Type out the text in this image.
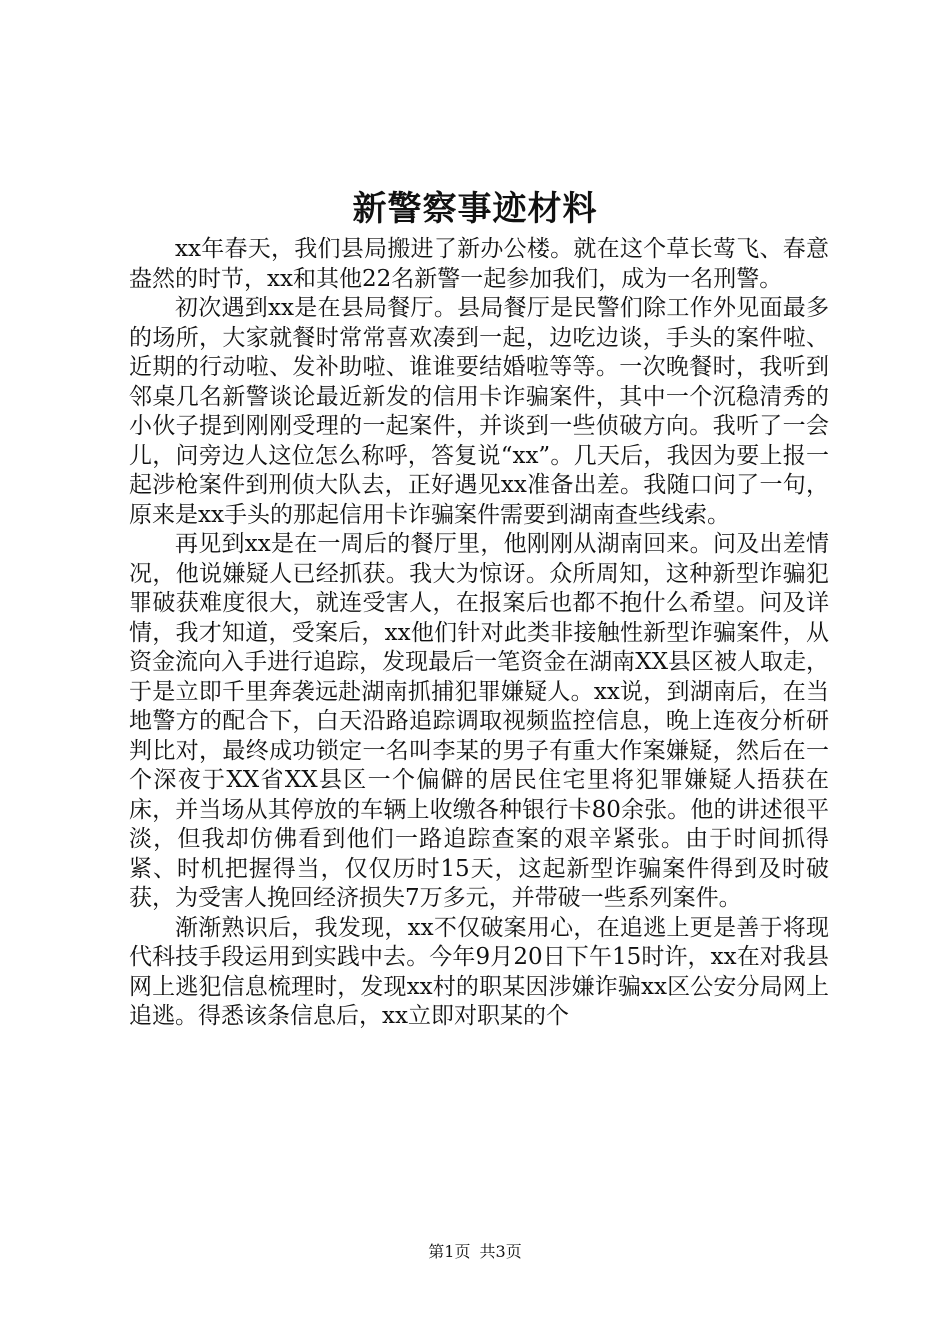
新警察事迹材料

xx年春天，我们县局搬进了新办公楼。就在这个草长莺飞、春意盎然的时节，xx和其他22名新警一起参加我们，成为一名刑警。

初次遇到xx是在县局餐厅。县局餐厅是民警们除工作外见面最多的场所，大家就餐时常常喜欢凑到一起，边吃边谈，手头的案件啦、近期的行动啦、发补助啦、谁谁要结婚啦等等。一次晚餐时，我听到邻桌几名新警谈论最近新发的信用卡诈骗案件，其中一个沉稳清秀的小伙子提到刚刚受理的一起案件，并谈到一些侦破方向。我听了一会儿，问旁边人这位怎么称呼，答复说“xx”。几天后，我因为要上报一起涉枪案件到刑侦大队去，正好遇见xx准备出差。我随口问了一句，原来是xx手头的那起信用卡诈骗案件需要到湖南查些线索。

再见到xx是在一周后的餐厅里，他刚刚从湖南回来。问及出差情况，他说嫌疑人已经抓获。我大为惊讶。众所周知，这种新型诈骗犯罪破获难度很大，就连受害人，在报案后也都不抱什么希望。问及详情，我才知道，受案后，xx他们针对此类非接触性新型诈骗案件，从资金流向入手进行追踪，发现最后一笔资金在湖南XX县区被人取走，于是立即千里奔袭远赴湖南抓捕犯罪嫌疑人。xx说，到湖南后，在当地警方的配合下，白天沿路追踪调取视频监控信息，晚上连夜分析研判比对，最终成功锁定一名叫李某的男子有重大作案嫌疑，然后在一个深夜于XX省XX县区一个偏僻的居民住宅里将犯罪嫌疑人捂获在床，并当场从其停放的车辆上收缴各种银行卡80余张。他的讲述很平淡，但我却仿佛看到他们一路追踪查案的艰辛紧张。由于时间抓得紧、时机把握得当，仅仅历时15天，这起新型诈骗案件得到及时破获，为受害人挽回经济损失7万多元，并带破一些系列案件。

渐渐熟识后，我发现，xx不仅破案用心，在追逃上更是善于将现代科技手段运用到实践中去。今年9月20日下午15时许，xx在对我县网上逃犯信息梳理时，发现xx村的职某因涉嫌诈骗xx区公安分局网上追逃。得悉该条信息后，xx立即对职某的个

第1页 共3页
